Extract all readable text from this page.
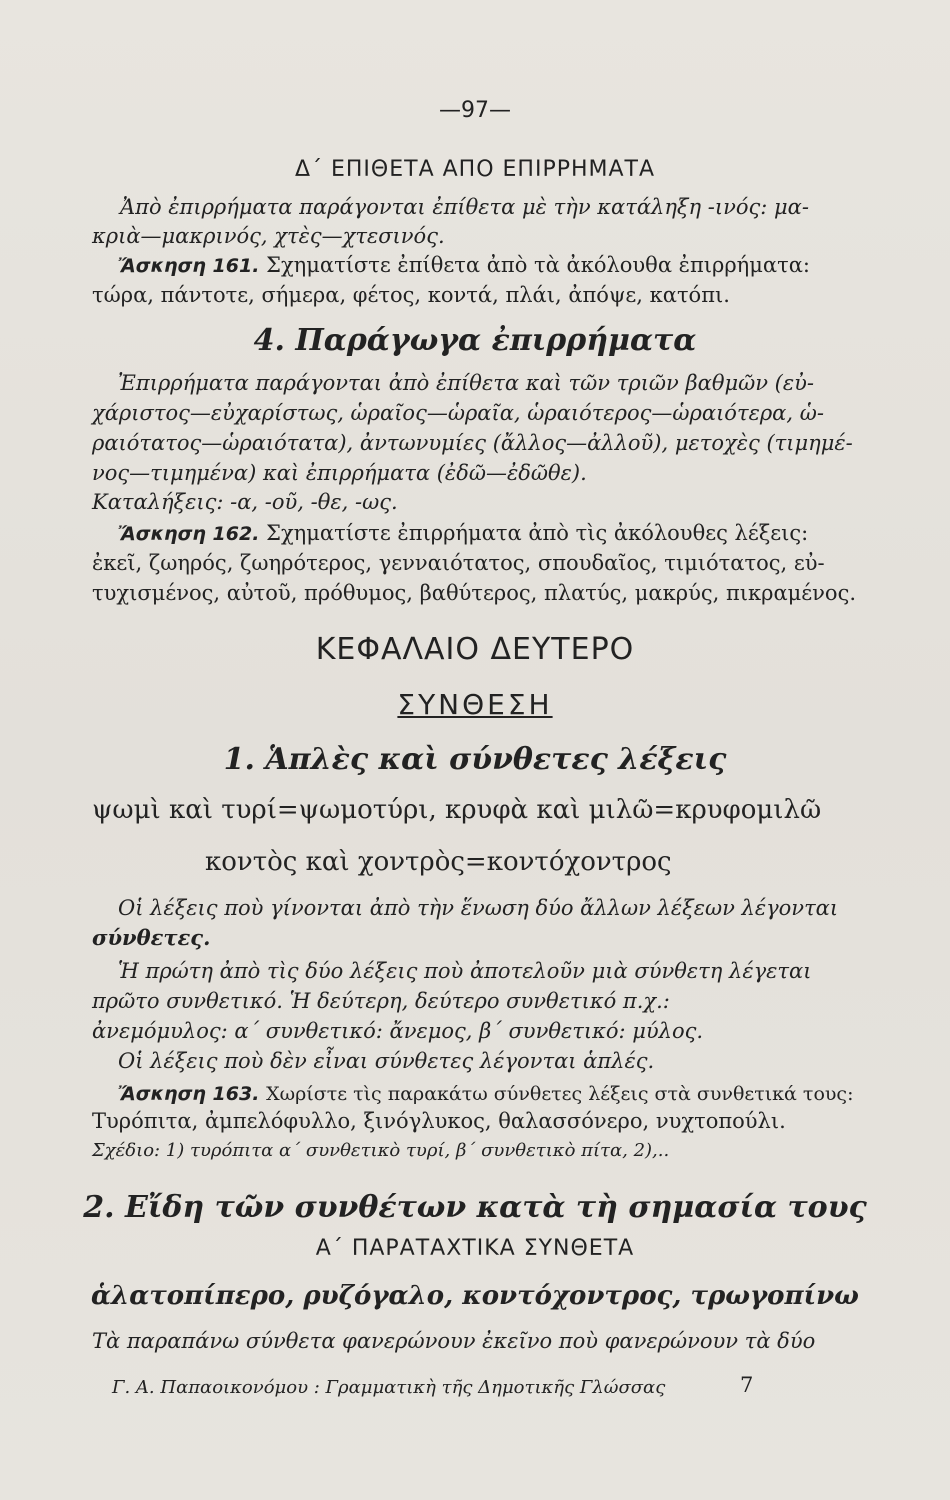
—97—
Δ΄ ΕΠΙΘΕΤΑ ΑΠΟ ΕΠΙΡΡΗΜΑΤΑ
Ἀπὸ ἐπιρρήματα παράγονται ἐπίθετα μὲ τὴν κατάληξη -ινός: μα-
κριὰ—μακρινός, χτὲς—χτεσινός.
Ἄσκηση 161. Σχηματίστε ἐπίθετα ἀπὸ τὰ ἀκόλουθα ἐπιρρήματα:
τώρα, πάντοτε, σήμερα, φέτος, κοντά, πλάι, ἀπόψε, κατόπι.
4. Παράγωγα ἐπιρρήματα
Ἐπιρρήματα παράγονται ἀπὸ ἐπίθετα καὶ τῶν τριῶν βαθμῶν (εὐ-
χάριστος—εὐχαρίστως, ὡραῖος—ὡραῖα, ὡραιότερος—ὡραιότερα, ὡ-
ραιότατος—ὡραιότατα), ἀντωνυμίες (ἄλλος—ἀλλοῦ), μετοχὲς (τιμημέ-
νος—τιμημένα) καὶ ἐπιρρήματα (ἐδῶ—ἐδῶθε).
Καταλήξεις: -α, -οῦ, -θε, -ως.
Ἄσκηση 162. Σχηματίστε ἐπιρρήματα ἀπὸ τὶς ἀκόλουθες λέξεις:
ἐκεῖ, ζωηρός, ζωηρότερος, γενναιότατος, σπουδαῖος, τιμιότατος, εὐ-
τυχισμένος, αὐτοῦ, πρόθυμος, βαθύτερος, πλατύς, μακρύς, πικραμένος.
ΚΕΦΑΛΑΙΟ ΔΕΥΤΕΡΟ
ΣΥΝΘΕΣΗ
1. Ἁπλὲς καὶ σύνθετες λέξεις
ψωμὶ καὶ τυρί=ψωμοτύρι, κρυφὰ καὶ μιλῶ=κρυφομιλῶ
κοντὸς καὶ χοντρὸς=κοντόχοντρος
Οἱ λέξεις ποὺ γίνονται ἀπὸ τὴν ἕνωση δύο ἄλλων λέξεων λέγονται
σύνθετες.
Ἡ πρώτη ἀπὸ τὶς δύο λέξεις ποὺ ἀποτελοῦν μιὰ σύνθετη λέγεται
πρῶτο συνθετικό. Ἡ δεύτερη, δεύτερο συνθετικό π.χ.:
ἀνεμόμυλος: α΄ συνθετικό: ἄνεμος, β΄ συνθετικό: μύλος.
Οἱ λέξεις ποὺ δὲν εἶναι σύνθετες λέγονται ἁπλές.
Ἄσκηση 163. Χωρίστε τὶς παρακάτω σύνθετες λέξεις στὰ συνθετικά τους:
Τυρόπιτα, ἀμπελόφυλλο, ξινόγλυκος, θαλασσόνερο, νυχτοπούλι.
Σχέδιο: 1) τυρόπιτα α΄ συνθετικὸ τυρί, β΄ συνθετικὸ πίτα, 2),..
2. Εἴδη τῶν συνθέτων κατὰ τὴ σημασία τους
Α΄ ΠΑΡΑΤΑΧΤΙΚΑ ΣΥΝΘΕΤΑ
ἁλατοπίπερο, ρυζόγαλο, κοντόχοντρος, τρωγοπίνω
Τὰ παραπάνω σύνθετα φανερώνουν ἐκεῖνο ποὺ φανερώνουν τὰ δύο
Γ. Α. Παπαοικονόμου : Γραμματικὴ τῆς Δημοτικῆς Γλώσσας	7
